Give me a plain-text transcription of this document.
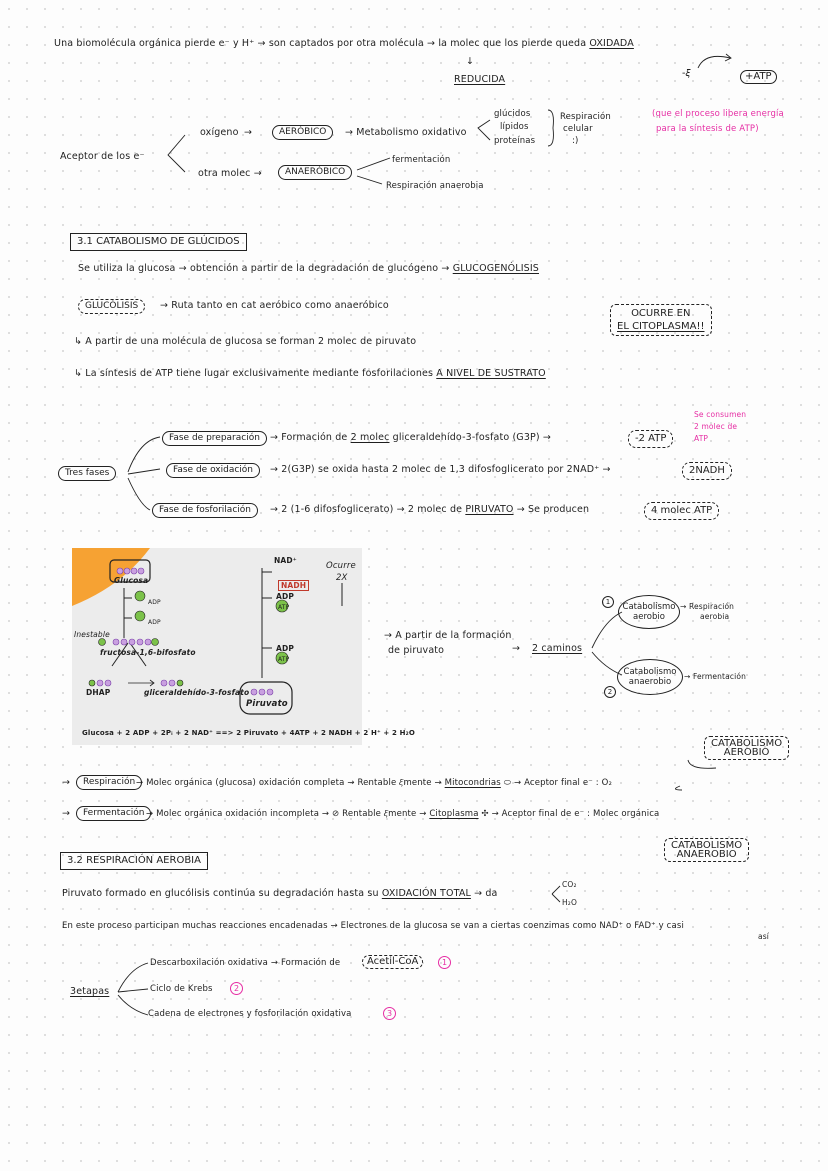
Una biomolécula orgánica pierde e⁻ y H⁺ → son captados por otra molécula → la molec que los pierde queda OXIDADA
↓
REDUCIDA
-𝜉	+ATP
(que el proceso libera energía
para la síntesis de ATP)
Aceptor de los e⁻
oxígeno →	AERÓBICO	→ Metabolismo oxidativo
glúcidos
lípidos
proteínas
Respiración
celular
:)
otra molec →	ANAERÓBICO
fermentación
Respiración anaerobia
3.1 CATABOLISMO DE GLÚCIDOS
Se utiliza la glucosa → obtención a partir de la degradación de glucógeno → GLUCOGENÓLISIS
GLUCÓLISIS	→ Ruta tanto en cat aeróbico como anaeróbico
OCURRE EN
EL CITOPLASMA!!
↳ A partir de una molécula de glucosa se forman 2 molec de piruvato
↳ La síntesis de ATP tiene lugar exclusivamente mediante fosforilaciones A NIVEL DE SUSTRATO
Tres fases
Fase de preparación	→ Formación de 2 molec gliceraldehído-3-fosfato (G3P) →	-2 ATP
Se consumen
2 molec de
ATP
Fase de oxidación	→ 2(G3P) se oxida hasta 2 molec de 1,3 difosfoglicerato por 2NAD⁺ →	2NADH
Fase de fosforilación	→ 2 (1-6 difosfoglicerato) → 2 molec de PIRUVATO → Se producen	4 molec ATP
Glucosa
ADP
ADP
Inestable
fructosa-1,6-bifosfato
DHAP	gliceraldehído-3-fosfato
NAD⁺
NADH
ADP
ADP
ATP
ATP
Ocurre
2X
Piruvato
Glucosa + 2 ADP + 2Pᵢ + 2 NAD⁺ ==> 2 Piruvato + 4ATP + 2 NADH + 2 H⁺ + 2 H₂O
→ A partir de la formación
de piruvato	→ 2 caminos
1	Catabolismo
aerobio
→ Respiración
aerobia
2
Catabolismo
anaerobio
→ Fermentación
CATABOLISMO
AEROBIO
→	Respiración → Molec orgánica (glucosa) oxidación completa → Rentable 𝜉mente → Mitocondrias ⬭ → Aceptor final e⁻ : O₂
→	Fermentación → Molec orgánica oxidación incompleta → ⊘ Rentable 𝜉mente → Citoplasma ✣ → Aceptor final de e⁻ : Molec orgánica
CATABOLISMO
ANAEROBIO
3.2 RESPIRACIÓN AEROBIA
Piruvato formado en glucólisis continúa su degradación hasta su OXIDACIÓN TOTAL → da
CO₂
H₂O
En este proceso participan muchas reacciones encadenadas → Electrones de la glucosa se van a ciertas coenzimas como NAD⁺ o FAD⁺ y casi
así
3etapas
Descarboxilación oxidativa → Formación de	Acetil-CoA	1
Ciclo de Krebs	2
Cadena de electrones y fosforilación oxidativa	3
